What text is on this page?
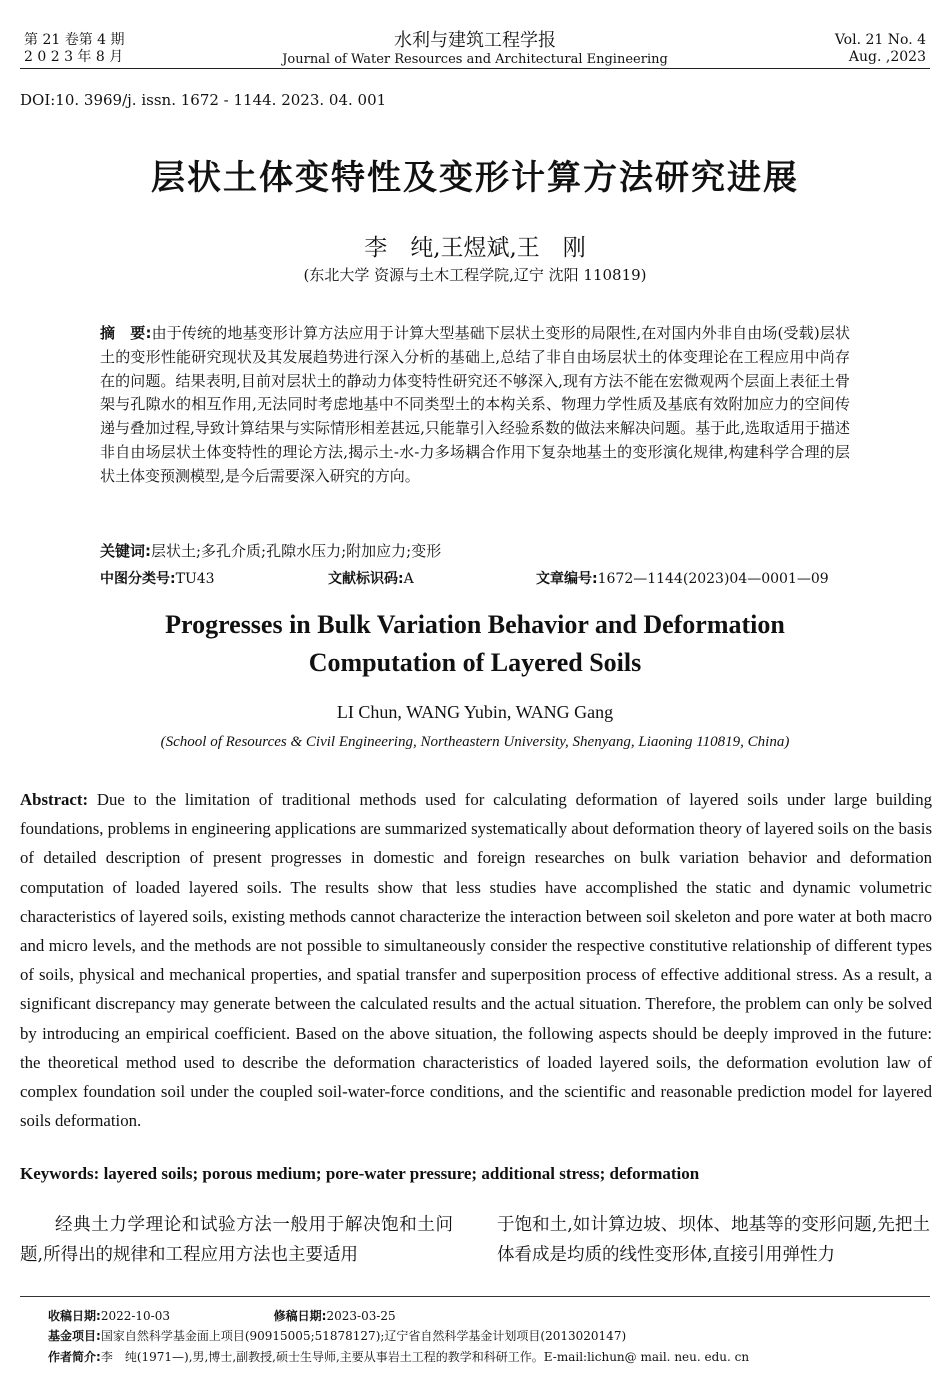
第 21 卷第 4 期
2 0 2 3 年 8 月
水利与建筑工程学报
Journal of Water Resources and Architectural Engineering
Vol. 21 No. 4
Aug. ,2023
DOI:10. 3969/j. issn. 1672 - 1144. 2023. 04. 001
层状土体变特性及变形计算方法研究进展
李　纯,王煜斌,王　刚
(东北大学 资源与土木工程学院,辽宁 沈阳 110819)
摘　要:由于传统的地基变形计算方法应用于计算大型基础下层状土变形的局限性,在对国内外非自由场(受载)层状土的变形性能研究现状及其发展趋势进行深入分析的基础上,总结了非自由场层状土的体变理论在工程应用中尚存在的问题。结果表明,目前对层状土的静动力体变特性研究还不够深入,现有方法不能在宏微观两个层面上表征土骨架与孔隙水的相互作用,无法同时考虑地基中不同类型土的本构关系、物理力学性质及基底有效附加应力的空间传递与叠加过程,导致计算结果与实际情形相差甚远,只能靠引入经验系数的做法来解决问题。基于此,选取适用于描述非自由场层状土体变特性的理论方法,揭示土-水-力多场耦合作用下复杂地基土的变形演化规律,构建科学合理的层状土体变预测模型,是今后需要深入研究的方向。
关键词:层状土;多孔介质;孔隙水压力;附加应力;变形
中图分类号:TU43	文献标识码:A	文章编号:1672—1144(2023)04—0001—09
Progresses in Bulk Variation Behavior and Deformation
Computation of Layered Soils
LI Chun, WANG Yubin, WANG Gang
(School of Resources & Civil Engineering, Northeastern University, Shenyang, Liaoning 110819, China)
Abstract: Due to the limitation of traditional methods used for calculating deformation of layered soils under large building foundations, problems in engineering applications are summarized systematically about deformation theory of layered soils on the basis of detailed description of present progresses in domestic and foreign researches on bulk variation behavior and deformation computation of loaded layered soils. The results show that less studies have accomplished the static and dynamic volumetric characteristics of layered soils, existing methods cannot characterize the interaction between soil skeleton and pore water at both macro and micro levels, and the methods are not possible to simultaneously consider the respective constitutive relationship of different types of soils, physical and mechanical properties, and spatial transfer and superposition process of effective additional stress. As a result, a significant discrepancy may generate between the calculated results and the actual situation. Therefore, the problem can only be solved by introducing an empirical coefficient. Based on the above situation, the following aspects should be deeply improved in the future: the theoretical method used to describe the deformation characteristics of loaded layered soils, the deformation evolution law of complex foundation soil under the coupled soil-water-force conditions, and the scientific and reasonable prediction model for layered soils deformation.
Keywords: layered soils; porous medium; pore-water pressure; additional stress; deformation
经典土力学理论和试验方法一般用于解决饱和土问题,所得出的规律和工程应用方法也主要适用
于饱和土,如计算边坡、坝体、地基等的变形问题,先把土体看成是均质的线性变形体,直接引用弹性力
收稿日期:2022-10-03	修稿日期:2023-03-25
基金项目:国家自然科学基金面上项目(90915005;51878127);辽宁省自然科学基金计划项目(2013020147)
作者简介:李　纯(1971—),男,博士,副教授,硕士生导师,主要从事岩土工程的教学和科研工作。E-mail:lichun@ mail. neu. edu. cn
